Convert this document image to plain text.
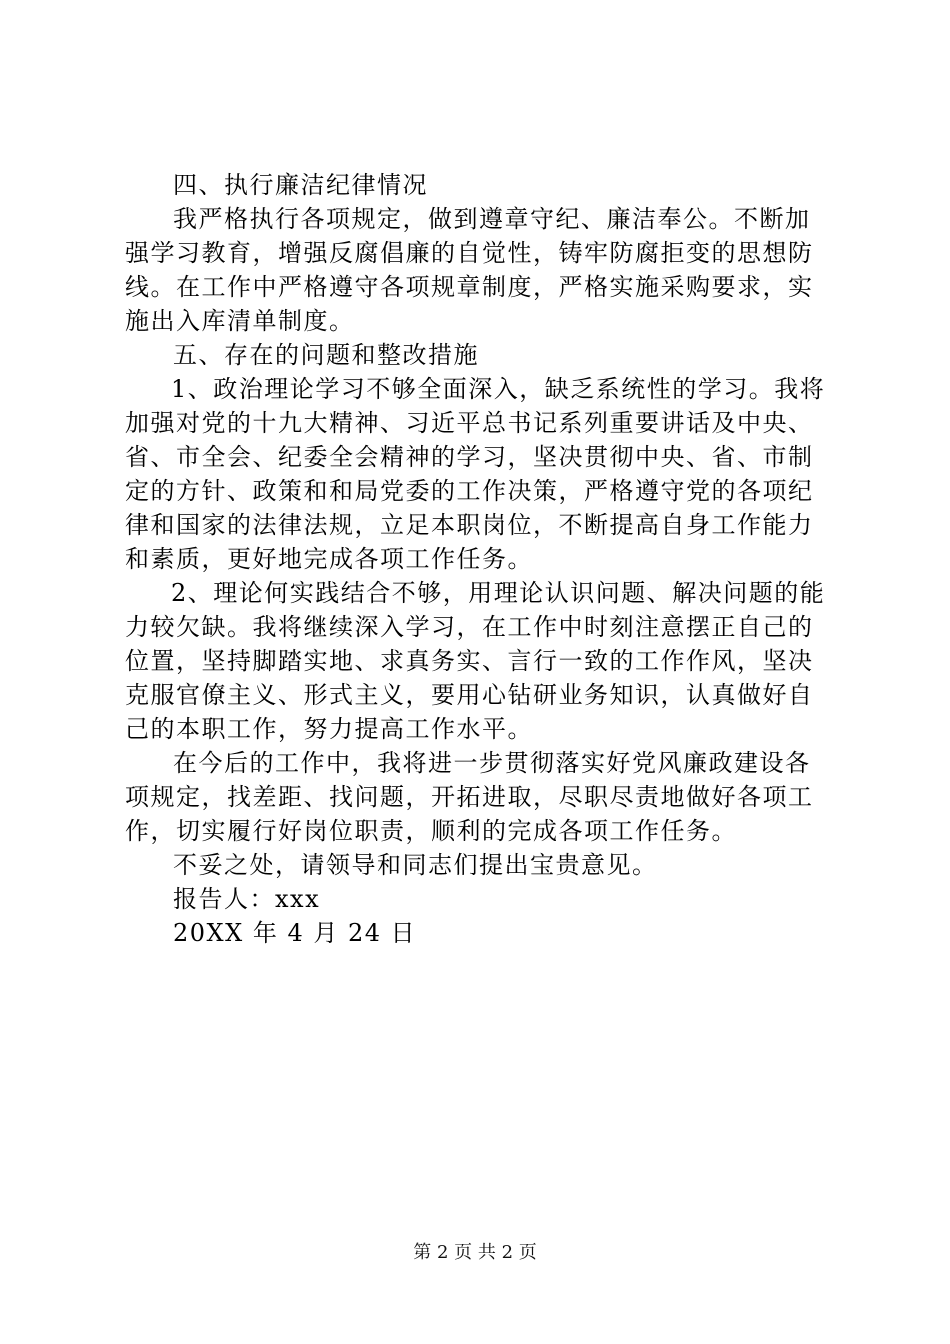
四、执行廉洁纪律情况
我严格执行各项规定，做到遵章守纪、廉洁奉公。不断加
强学习教育，增强反腐倡廉的自觉性，铸牢防腐拒变的思想防
线。在工作中严格遵守各项规章制度，严格实施采购要求，实
施出入库清单制度。
五、存在的问题和整改措施
1、政治理论学习不够全面深入，缺乏系统性的学习。我将
加强对党的十九大精神、习近平总书记系列重要讲话及中央、
省、市全会、纪委全会精神的学习，坚决贯彻中央、省、市制
定的方针、政策和和局党委的工作决策，严格遵守党的各项纪
律和国家的法律法规，立足本职岗位，不断提高自身工作能力
和素质，更好地完成各项工作任务。
2、理论何实践结合不够，用理论认识问题、解决问题的能
力较欠缺。我将继续深入学习，在工作中时刻注意摆正自己的
位置，坚持脚踏实地、求真务实、言行一致的工作作风，坚决
克服官僚主义、形式主义，要用心钻研业务知识，认真做好自
己的本职工作，努力提高工作水平。
在今后的工作中，我将进一步贯彻落实好党风廉政建设各
项规定，找差距、找问题，开拓进取，尽职尽责地做好各项工
作，切实履行好岗位职责，顺利的完成各项工作任务。
不妥之处，请领导和同志们提出宝贵意见。
报告人：xxx
20XX 年 4 月 24 日
第 2 页 共 2 页
